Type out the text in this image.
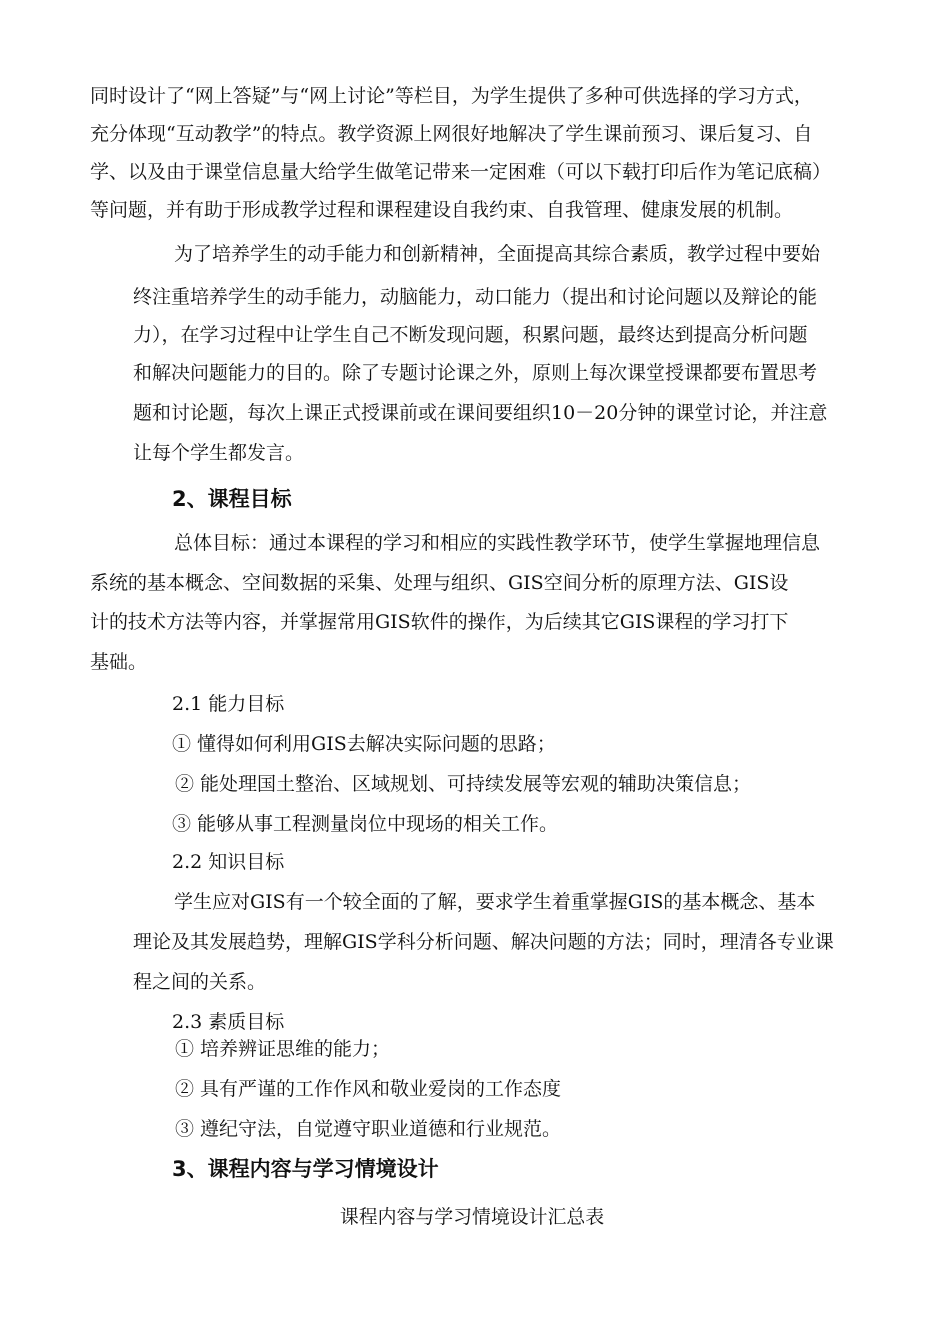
同时设计了“网上答疑”与“网上讨论”等栏目，为学生提供了多种可供选择的学习方式，
充分体现“互动教学”的特点。教学资源上网很好地解决了学生课前预习、课后复习、自
学、以及由于课堂信息量大给学生做笔记带来一定困难（可以下载打印后作为笔记底稿）
等问题，并有助于形成教学过程和课程建设自我约束、自我管理、健康发展的机制。
为了培养学生的动手能力和创新精神，全面提高其综合素质，教学过程中要始
终注重培养学生的动手能力，动脑能力，动口能力（提出和讨论问题以及辩论的能
力），在学习过程中让学生自己不断发现问题，积累问题，最终达到提高分析问题
和解决问题能力的目的。除了专题讨论课之外，原则上每次课堂授课都要布置思考
题和讨论题，每次上课正式授课前或在课间要组织10－20分钟的课堂讨论，并注意
让每个学生都发言。
2、课程目标
总体目标：通过本课程的学习和相应的实践性教学环节，使学生掌握地理信息
系统的基本概念、空间数据的采集、处理与组织、GIS空间分析的原理方法、GIS设
计的技术方法等内容，并掌握常用GIS软件的操作，为后续其它GIS课程的学习打下
基础。
2.1 能力目标
① 懂得如何利用GIS去解决实际问题的思路；
② 能处理国土整治、区域规划、可持续发展等宏观的辅助决策信息；
③ 能够从事工程测量岗位中现场的相关工作。
2.2 知识目标
学生应对GIS有一个较全面的了解，要求学生着重掌握GIS的基本概念、基本
理论及其发展趋势，理解GIS学科分析问题、解决问题的方法；同时，理清各专业课
程之间的关系。
2.3 素质目标
① 培养辨证思维的能力；
② 具有严谨的工作作风和敬业爱岗的工作态度
③ 遵纪守法，自觉遵守职业道德和行业规范。
3、课程内容与学习情境设计
课程内容与学习情境设计汇总表
